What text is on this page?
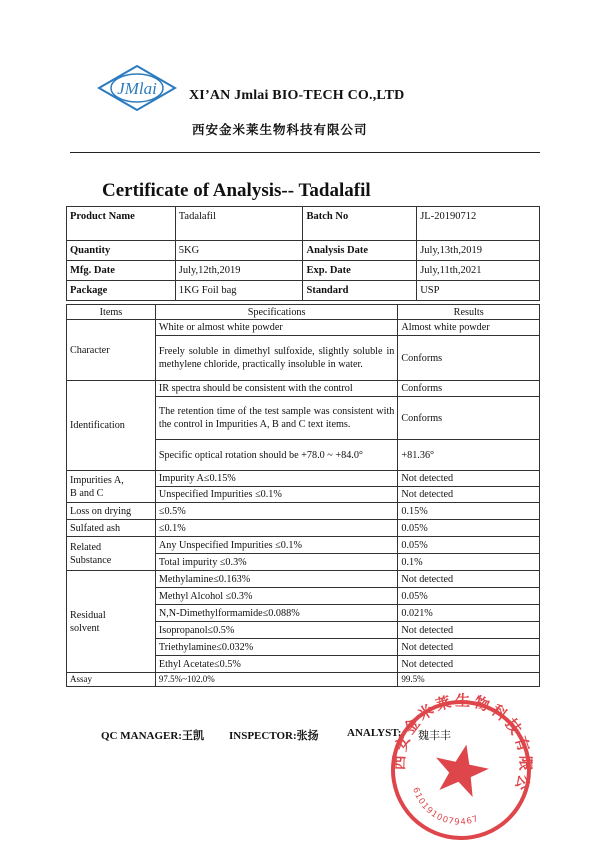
JMlai XI’AN Jmlai BIO-TECH CO.,LTD
西安金米莱生物科技有限公司
Certificate of Analysis-- Tadalafil
Product Name	Tadalafil	Batch No	JL-20190712
Quantity	5KG	Analysis Date	July,13th,2019
Mfg. Date	July,12th,2019	Exp. Date	July,11th,2021
Package	1KG Foil bag	Standard	USP
Items	Specifications	Results
Character	White or almost white powder	Almost white powder
	Freely soluble in dimethyl sulfoxide, slightly soluble in methylene chloride, practically insoluble in water.	Conforms
Identification	IR spectra should be consistent with the control	Conforms
	The retention time of the test sample was consistent with the control in Impurities A, B and C text items.	Conforms
	Specific optical rotation should be +78.0 ~ +84.0°	+81.36°
Impurities A,
B and C	Impurity A≤0.15%	Not detected
	Unspecified Impurities ≤0.1%	Not detected
Loss on drying	≤0.5%	0.15%
Sulfated ash	≤0.1%	0.05%
Related
Substance	Any Unspecified Impurities ≤0.1%	0.05%
	Total impurity ≤0.3%	0.1%
Residual
solvent	Methylamine≤0.163%	Not detected
	Methyl Alcohol ≤0.3%	0.05%
	N,N-Dimethylformamide≤0.088%	0.021%
	Isopropanol≤0.5%	Not detected
	Triethylamine≤0.032%	Not detected
	Ethyl Acetate≤0.5%	Not detected
Assay	97.5%~102.0%	99.5%
QC MANAGER:王凯 INSPECTOR:张扬	ANALYST: 魏丰丰
西安金米莱生物科技有限公司
6101910079467
